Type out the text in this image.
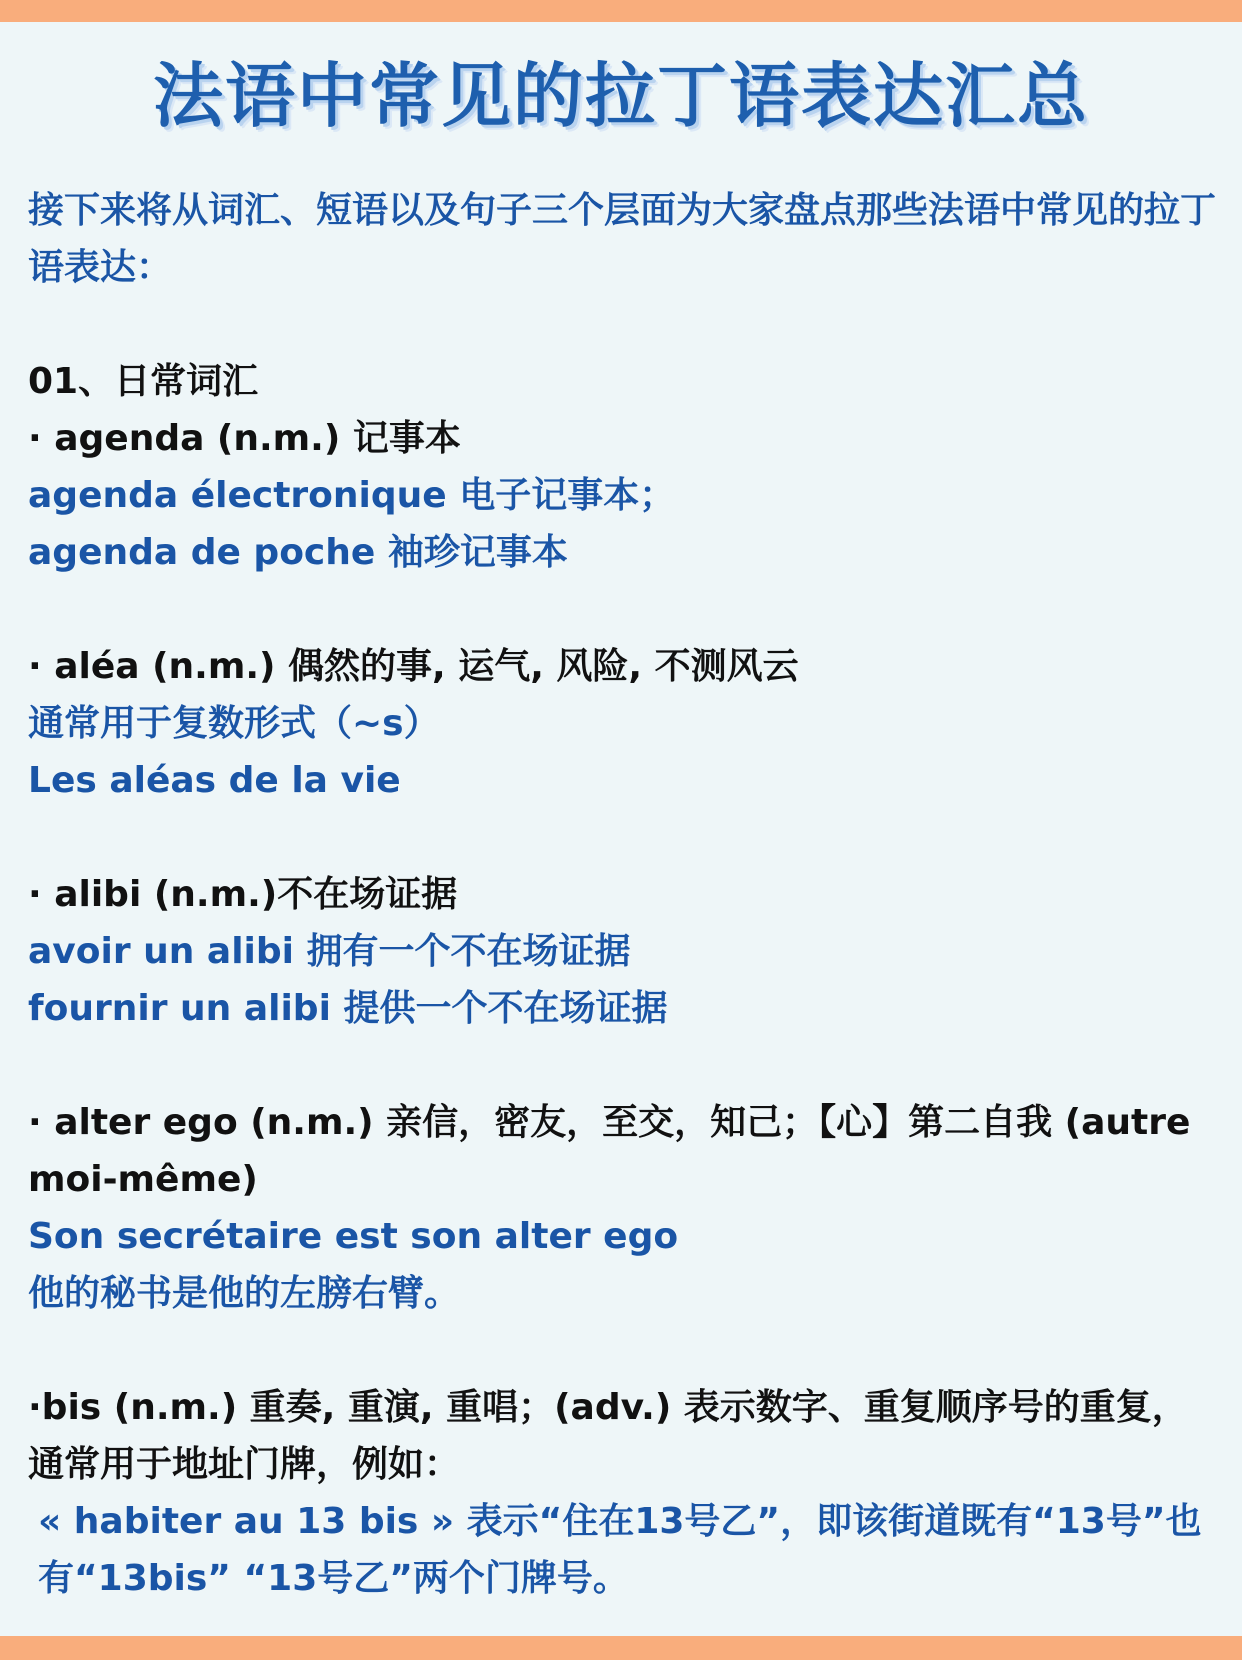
法语中常见的拉丁语表达汇总
接下来将从词汇、短语以及句子三个层面为大家盘点那些法语中常见的拉丁语表达：
01、日常词汇
· agenda (n.m.) 记事本
agenda électronique 电子记事本；
agenda de poche 袖珍记事本
· aléa (n.m.) 偶然的事, 运气, 风险, 不测风云
通常用于复数形式（~s）
Les aléas de la vie
· alibi (n.m.)不在场证据
avoir un alibi 拥有一个不在场证据
fournir un alibi 提供一个不在场证据
· alter ego (n.m.) 亲信，密友，至交，知己；【心】第二自我 (autre moi-même)
Son secrétaire est son alter ego
他的秘书是他的左膀右臂。
·bis (n.m.) 重奏, 重演, 重唱；(adv.) 表示数字、重复顺序号的重复，通常用于地址门牌，例如：
« habiter au 13 bis » 表示“住在13号乙”，即该街道既有“13号”也有“13bis” “13号乙”两个门牌号。
